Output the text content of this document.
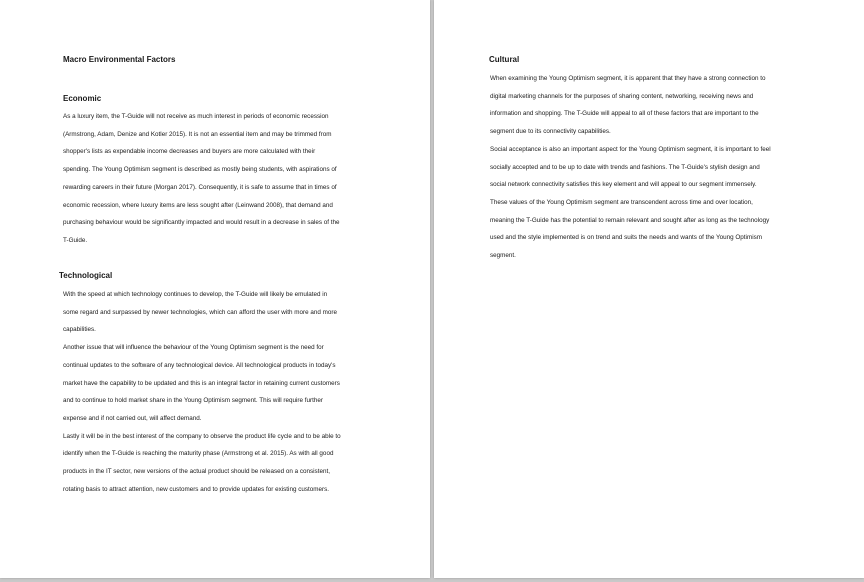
Macro Environmental Factors
Economic

As a luxury item, the T-Guide will not receive as much interest in periods of economic recession
(Armstrong, Adam, Denize and Kotler 2015). It is not an essential item and may be trimmed from
shopper's lists as expendable income decreases and buyers are more calculated with their
spending. The Young Optimism segment is described as mostly being students, with aspirations of
rewarding careers in their future (Morgan 2017). Consequently, it is safe to assume that in times of
economic recession, where luxury items are less sought after (Leinwand 2008), that demand and
purchasing behaviour would be significantly impacted and would result in a decrease in sales of the
T-Guide.

Technological

With the speed at which technology continues to develop, the T-Guide will likely be emulated in
some regard and surpassed by newer technologies, which can afford the user with more and more
capabilities.
Another issue that will influence the behaviour of the Young Optimism segment is the need for
continual updates to the software of any technological device. All technological products in today's
market have the capability to be updated and this is an integral factor in retaining current customers
and to continue to hold market share in the Young Optimism segment. This will require further
expense and if not carried out, will affect demand.
Lastly it will be in the best interest of the company to observe the product life cycle and to be able to
identify when the T-Guide is reaching the maturity phase (Armstrong et al. 2015). As with all good
products in the IT sector, new versions of the actual product should be released on a consistent,
rotating basis to attract attention, new customers and to provide updates for existing customers.

Cultural

When examining the Young Optimism segment, it is apparent that they have a strong connection to
digital marketing channels for the purposes of sharing content, networking, receiving news and
information and shopping. The T-Guide will appeal to all of these factors that are important to the
segment due to its connectivity capabilities.
Social acceptance is also an important aspect for the Young Optimism segment, it is important to feel
socially accepted and to be up to date with trends and fashions. The T-Guide's stylish design and
social network connectivity satisfies this key element and will appeal to our segment immensely.
These values of the Young Optimism segment are transcendent across time and over location,
meaning the T-Guide has the potential to remain relevant and sought after as long as the technology
used and the style implemented is on trend and suits the needs and wants of the Young Optimism
segment.
